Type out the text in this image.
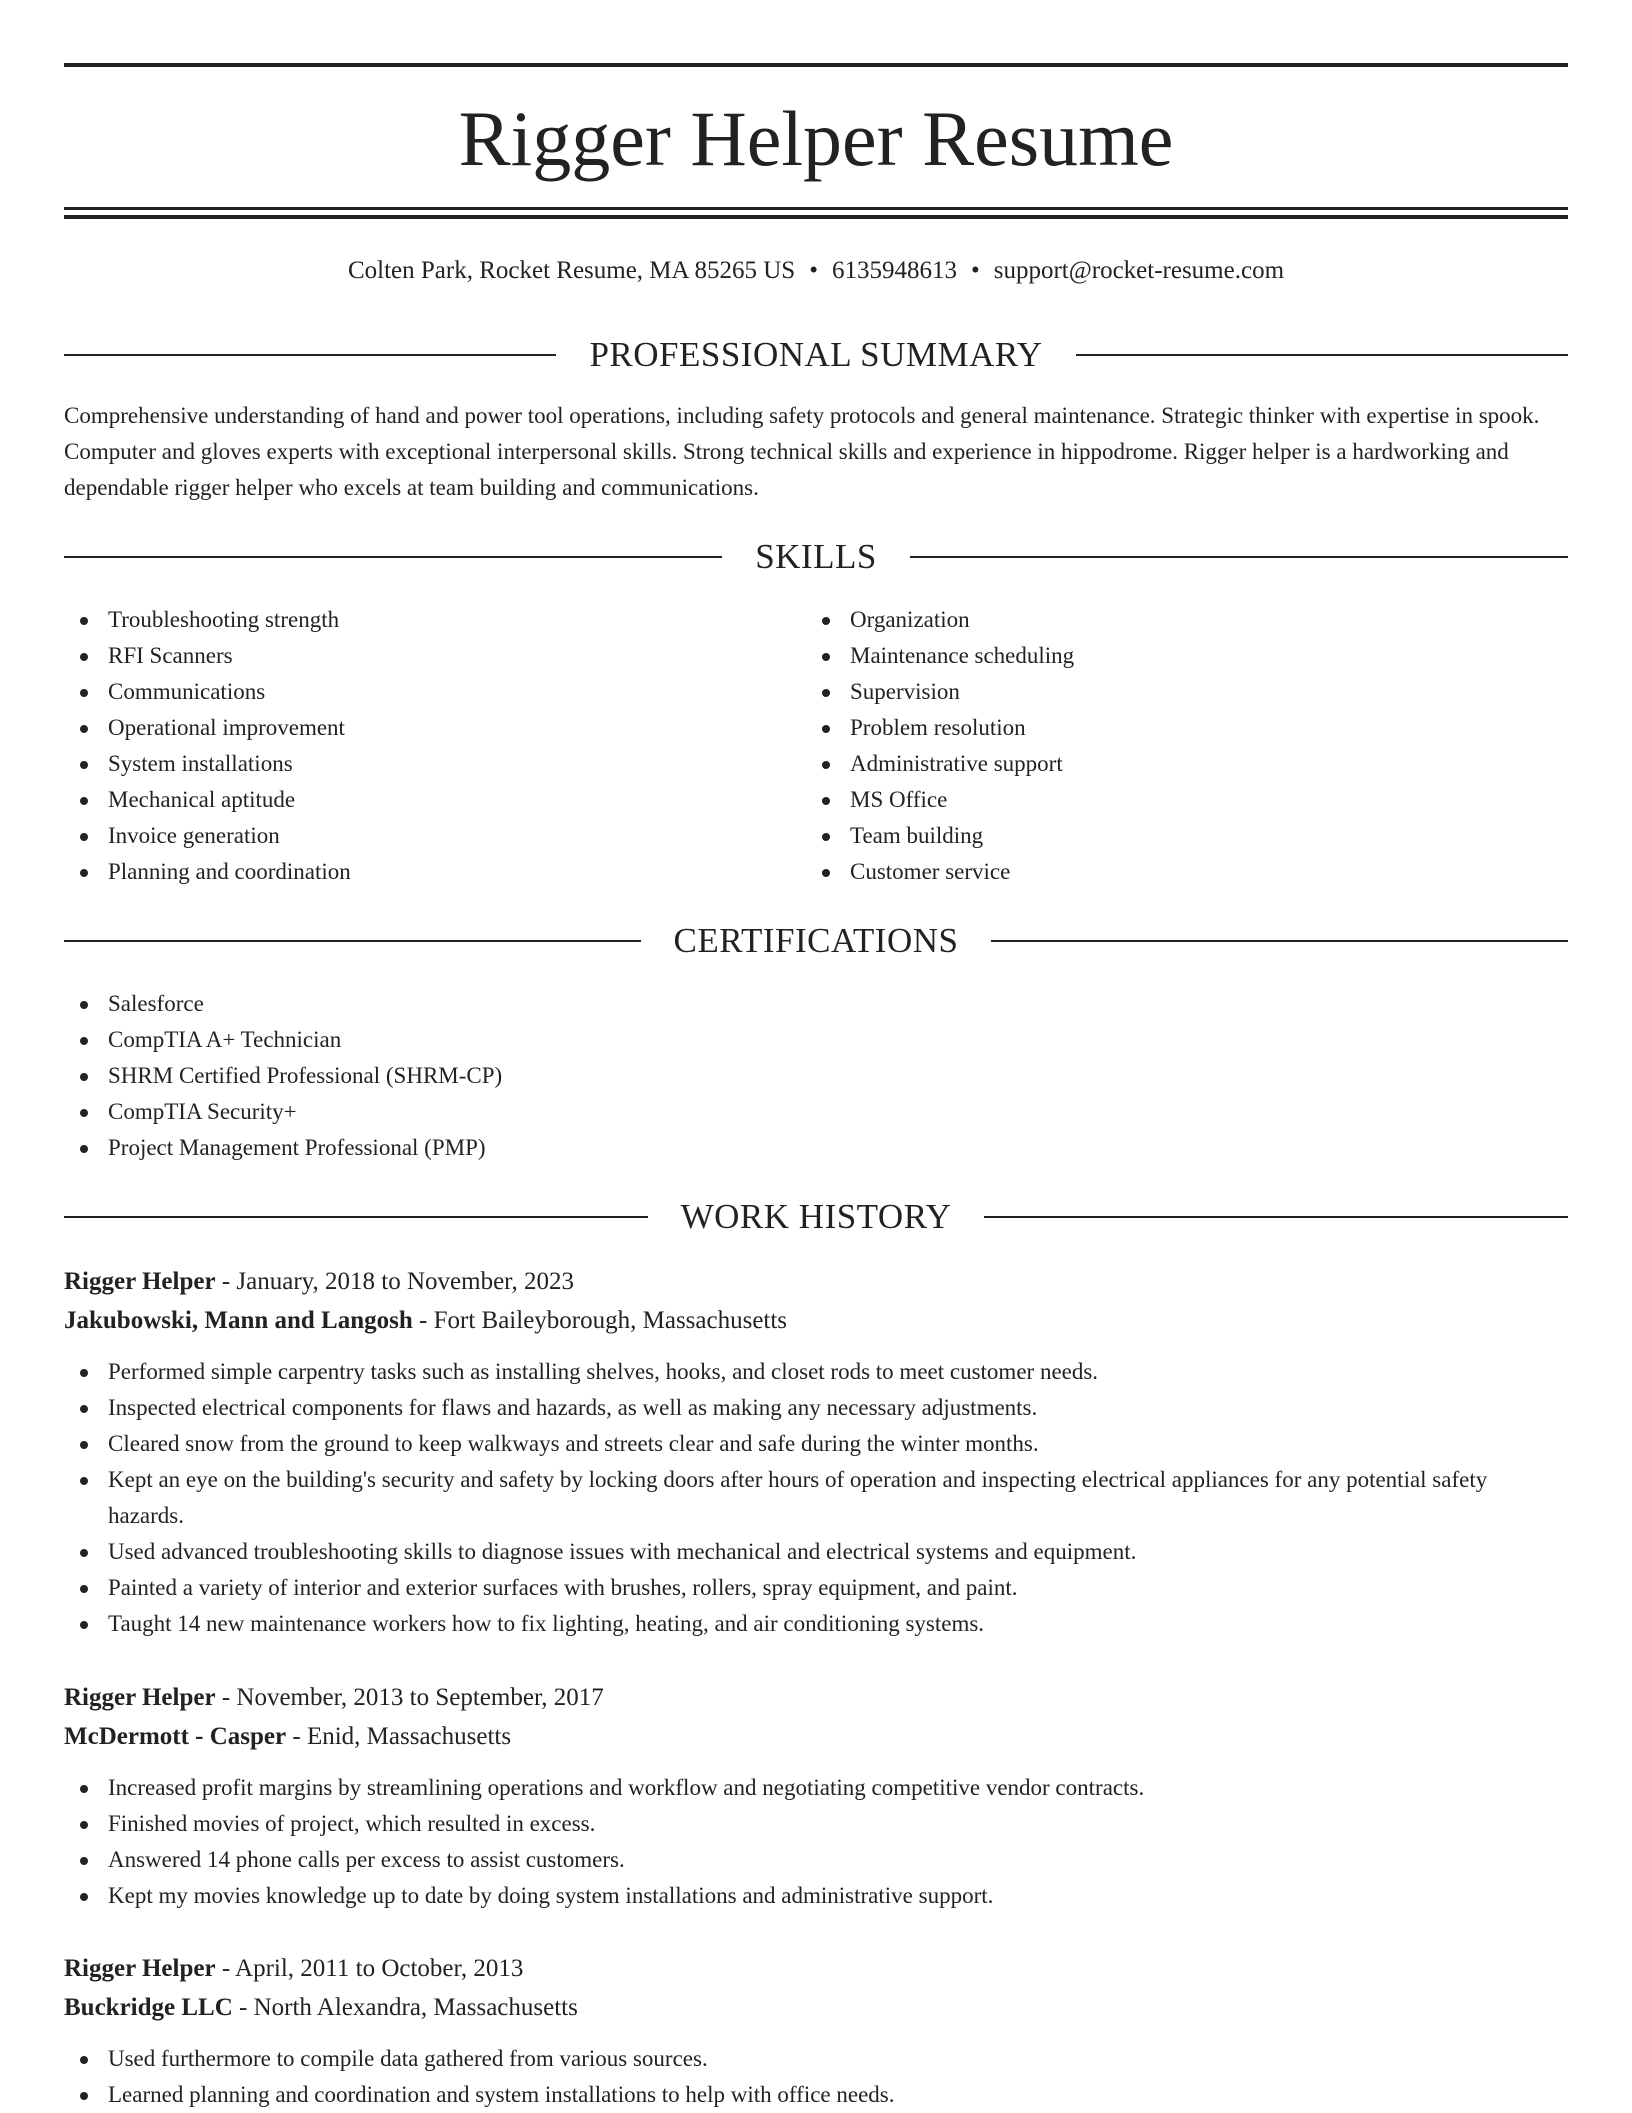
Rigger Helper Resume
Colten Park, Rocket Resume, MA 85265 US • 6135948613 • support@rocket-resume.com
PROFESSIONAL SUMMARY

Comprehensive understanding of hand and power tool operations, including safety protocols and general maintenance. Strategic thinker with expertise in spook. Computer and gloves experts with exceptional interpersonal skills. Strong technical skills and experience in hippodrome. Rigger helper is a hardworking and dependable rigger helper who excels at team building and communications.

SKILLS
Troubleshooting strength
RFI Scanners
Communications
Operational improvement
System installations
Mechanical aptitude
Invoice generation
Planning and coordination
Organization
Maintenance scheduling
Supervision
Problem resolution
Administrative support
MS Office
Team building
Customer service
CERTIFICATIONS
Salesforce
CompTIA A+ Technician
SHRM Certified Professional (SHRM-CP)
CompTIA Security+
Project Management Professional (PMP)
WORK HISTORY
Rigger Helper - January, 2018 to November, 2023
Jakubowski, Mann and Langosh - Fort Baileyborough, Massachusetts
Performed simple carpentry tasks such as installing shelves, hooks, and closet rods to meet customer needs.
Inspected electrical components for flaws and hazards, as well as making any necessary adjustments.
Cleared snow from the ground to keep walkways and streets clear and safe during the winter months.
Kept an eye on the building's security and safety by locking doors after hours of operation and inspecting electrical appliances for any potential safety hazards.
Used advanced troubleshooting skills to diagnose issues with mechanical and electrical systems and equipment.
Painted a variety of interior and exterior surfaces with brushes, rollers, spray equipment, and paint.
Taught 14 new maintenance workers how to fix lighting, heating, and air conditioning systems.
Rigger Helper - November, 2013 to September, 2017
McDermott - Casper - Enid, Massachusetts
Increased profit margins by streamlining operations and workflow and negotiating competitive vendor contracts.
Finished movies of project, which resulted in excess.
Answered 14 phone calls per excess to assist customers.
Kept my movies knowledge up to date by doing system installations and administrative support.
Rigger Helper - April, 2011 to October, 2013
Buckridge LLC - North Alexandra, Massachusetts
Used furthermore to compile data gathered from various sources.
Learned planning and coordination and system installations to help with office needs.
